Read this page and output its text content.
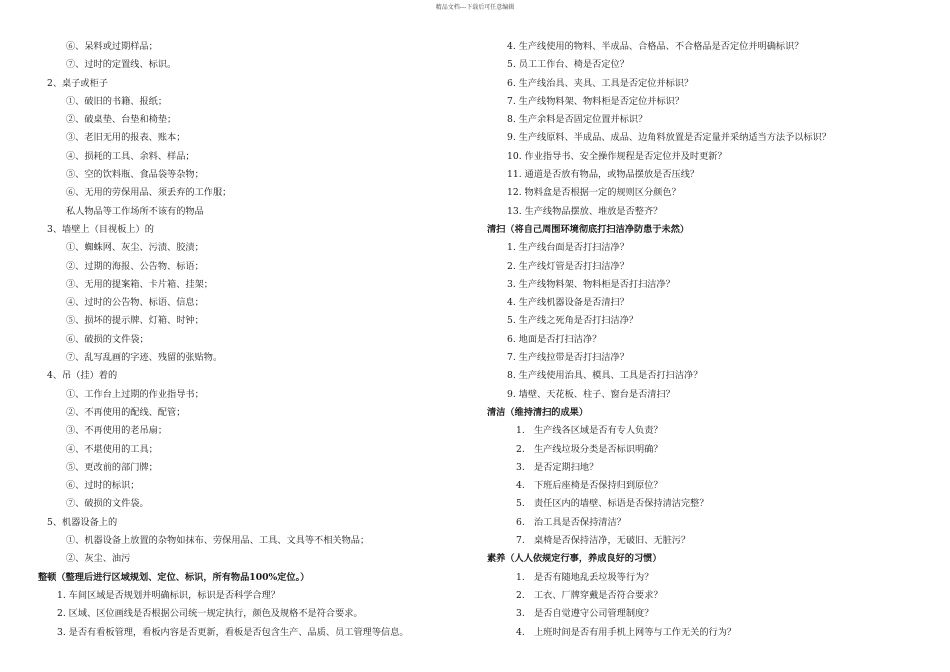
精品文档---下载后可任意编辑
⑥、呆料或过期样品；
⑦、过时的定置线、标识。
2、桌子或柜子
①、破旧的书籍、报纸；
②、破桌垫、台垫和椅垫；
③、老旧无用的报表、账本；
④、损耗的工具、余料、样品；
⑤、空的饮料瓶、食品袋等杂物；
⑥、无用的劳保用品、须丢弃的工作服；
私人物品等工作场所不该有的物品
3、墙壁上（目视板上）的
①、蜘蛛网、灰尘、污渍、胶渍；
②、过期的海报、公告物、标语；
③、无用的提案箱、卡片箱、挂架；
④、过时的公告物、标语、信息；
⑤、损坏的提示牌、灯箱、时钟；
⑥、破损的文件袋；
⑦、乱写乱画的字迹、残留的张贴物。
4、吊（挂）着的
①、工作台上过期的作业指导书；
②、不再使用的配线、配管；
③、不再使用的老吊扇；
④、不堪使用的工具；
⑤、更改前的部门牌；
⑥、过时的标识；
⑦、破损的文件袋。
5、机器设备上的
①、机器设备上放置的杂物如抹布、劳保用品、工具、文具等不相关物品；
②、灰尘、油污
整顿（整理后进行区域规划、定位、标识，所有物品100%定位。）
1. 车间区域是否规划并明确标识，标识是否科学合理？
2. 区域、区位画线是否根据公司统一规定执行，颜色及规格不是符合要求。
3. 是否有看板管理，看板内容是否更新，看板是否包含生产、品质、员工管理等信息。
4. 生产线使用的物料、半成品、合格品、不合格品是否定位并明确标识？
5. 员工工作台、椅是否定位？
6. 生产线治具、夹具、工具是否定位并标识？
7. 生产线物料架、物料柜是否定位并标识？
8. 生产余料是否固定位置并标识？
9. 生产线原料、半成品、成品、边角料放置是否定量并采纳适当方法予以标识？
10. 作业指导书、安全操作规程是否定位并及时更新？
11. 通道是否放有物品，或物品摆放是否压线？
12. 物料盒是否根据一定的规则区分颜色？
13. 生产线物品摆放、堆放是否整齐？
清扫（将自己周围环境彻底打扫洁净防患于未然）
1. 生产线台面是否打扫洁净？
2. 生产线灯管是否打扫洁净？
3. 生产线物料架、物料柜是否打扫洁净？
4. 生产线机器设备是否清扫？
5. 生产线之死角是否打扫洁净？
6. 地面是否打扫洁净？
7. 生产线拉带是否打扫洁净？
8. 生产线使用治具、模具、工具是否打扫洁净？
9. 墙壁、天花板、柱子、窗台是否清扫？
清洁（维持清扫的成果）
1.　生产线各区域是否有专人负责？
2.　生产线垃圾分类是否标识明确？
3.　是否定期扫地？
4.　下班后座椅是否保持归到原位？
5.　责任区内的墙壁、标语是否保持清洁完整？
6.　治工具是否保持清洁？
7.　桌椅是否保持洁净，无破旧、无脏污？
素养（人人依规定行事，养成良好的习惯）
1.　是否有随地乱丢垃圾等行为？
2.　工衣、厂牌穿戴是否符合要求？
3.　是否自觉遵守公司管理制度？
4.　上班时间是否有用手机上网等与工作无关的行为？
